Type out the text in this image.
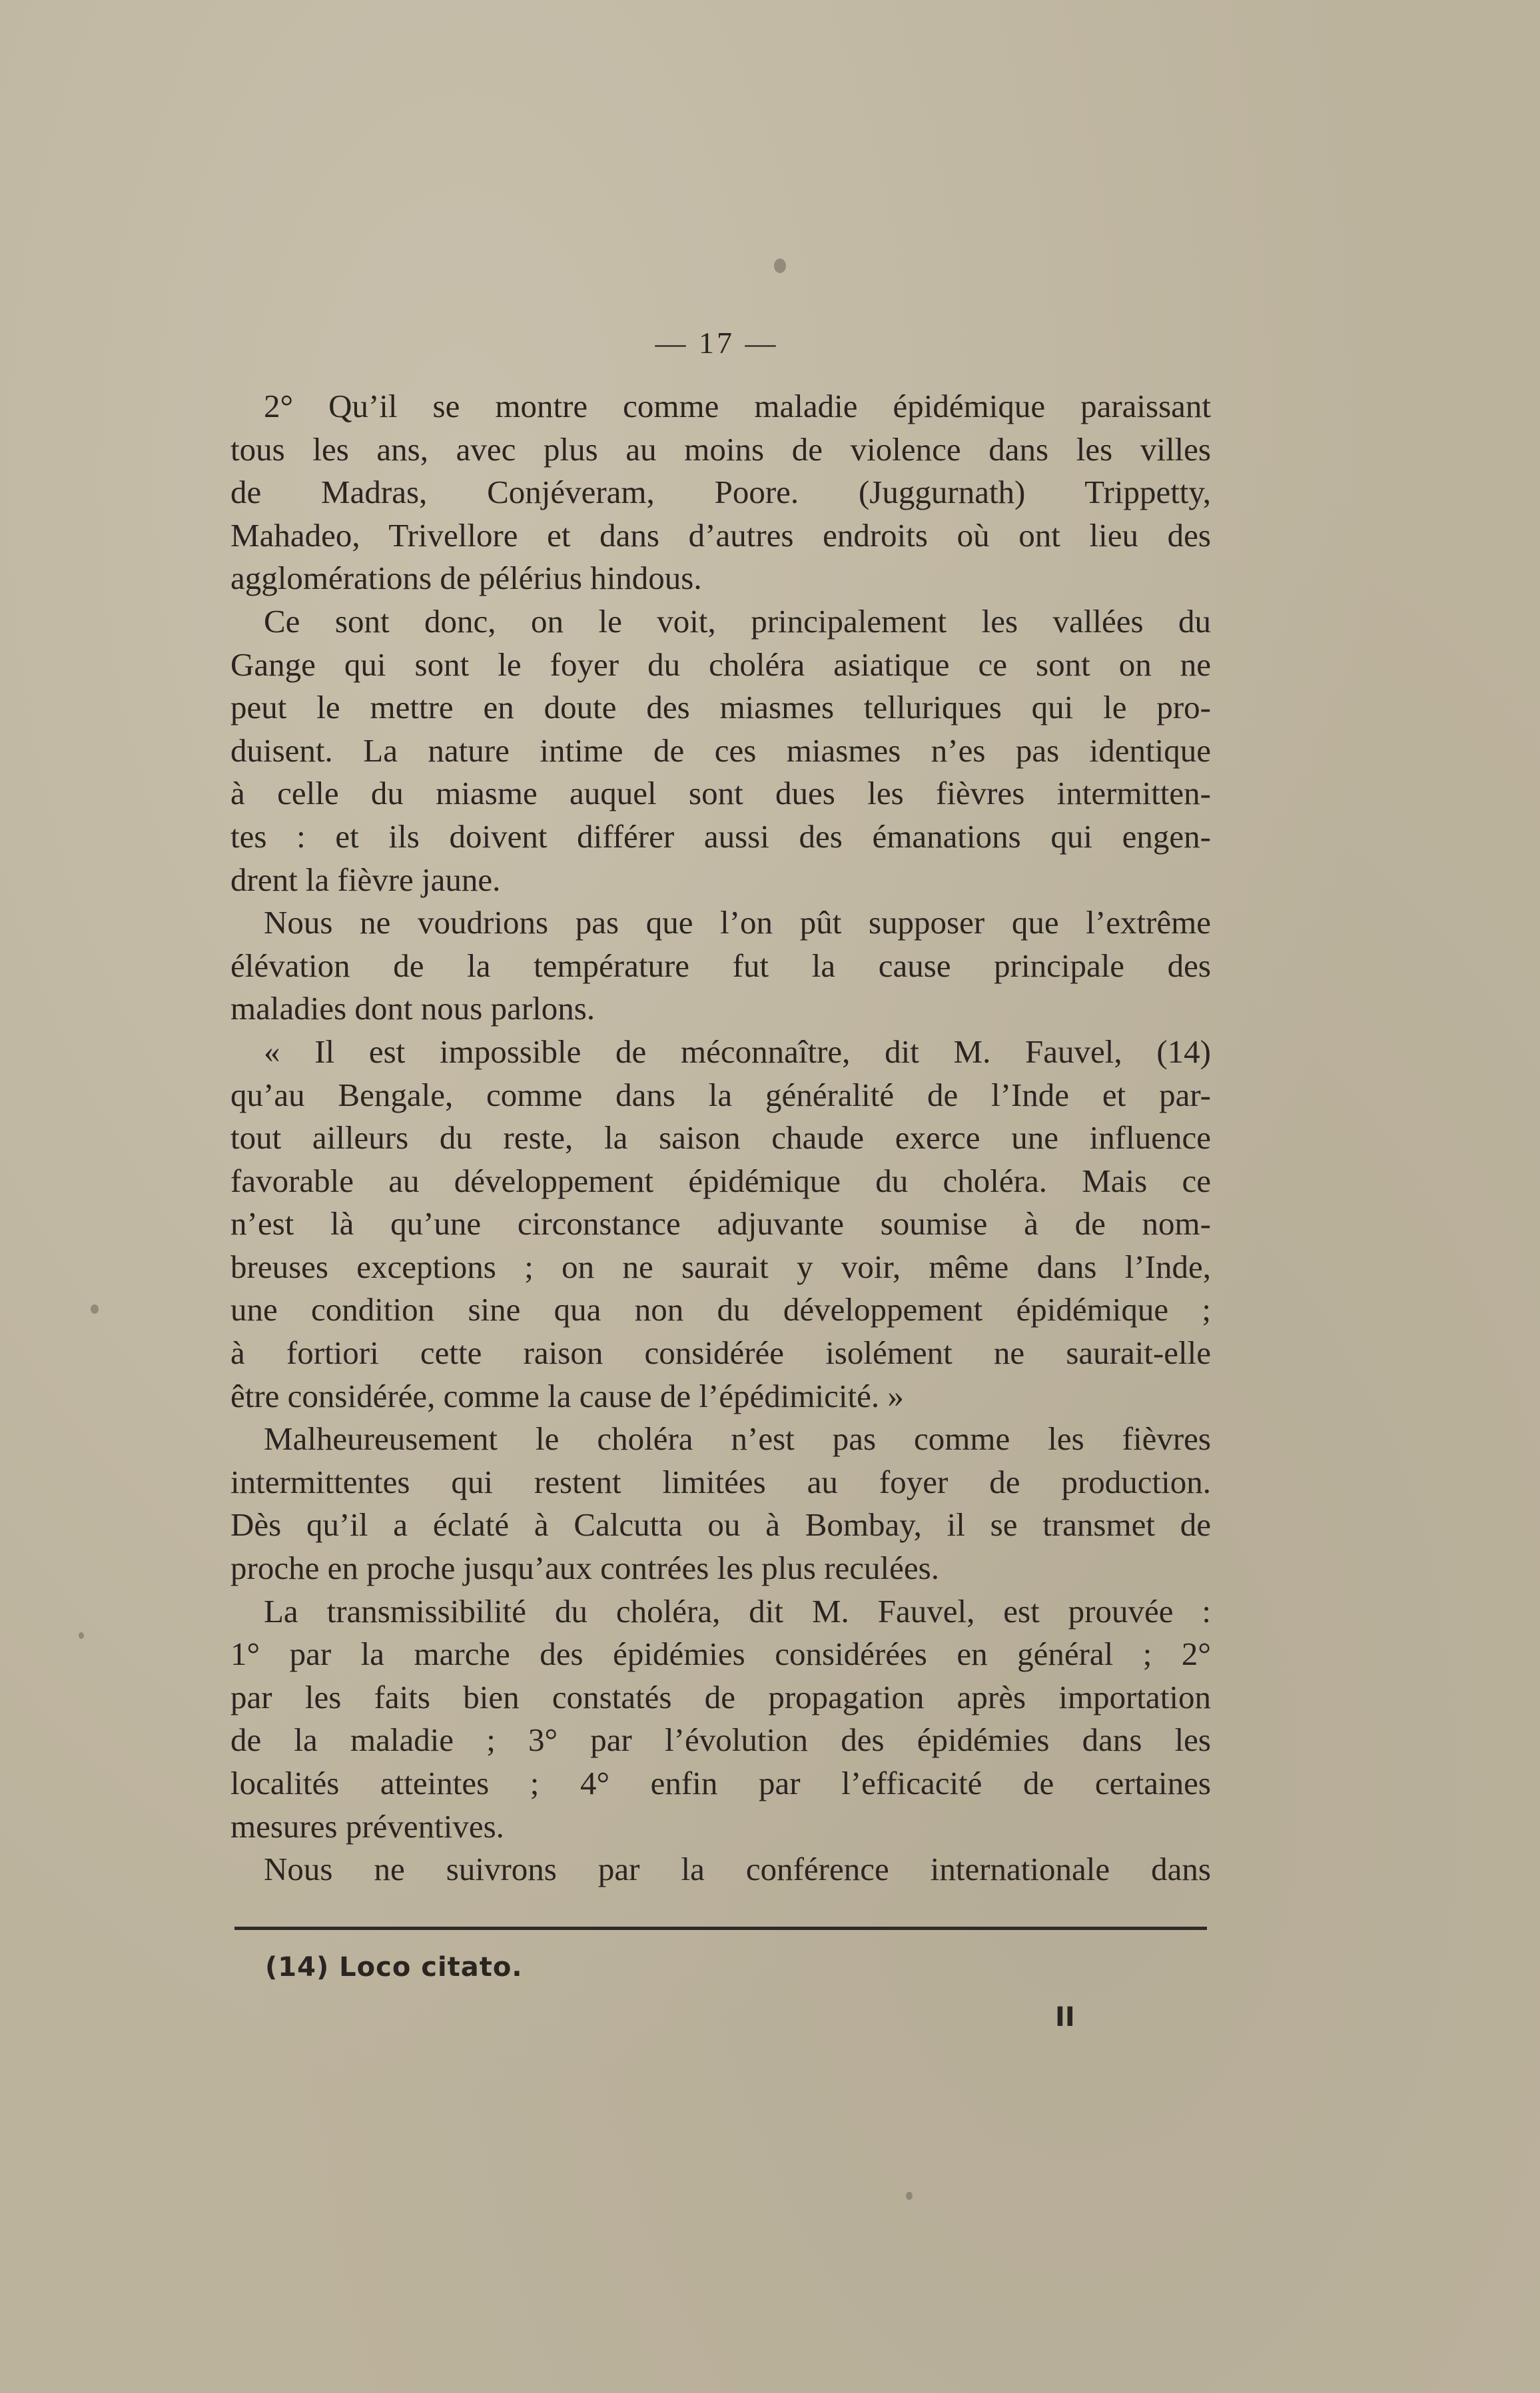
— 17 —
2° Qu’il se montre comme maladie épidémique paraissant
tous les ans, avec plus au moins de violence dans les villes
de Madras, Conjéveram, Poore. (Juggurnath) Trippetty,
Mahadeo, Trivellore et dans d’autres endroits où ont lieu des
agglomérations de pélérius hindous.
Ce sont donc, on le voit, principalement les vallées du
Gange qui sont le foyer du choléra asiatique ce sont on ne
peut le mettre en doute des miasmes telluriques qui le pro-
duisent. La nature intime de ces miasmes n’es pas identique
à celle du miasme auquel sont dues les fièvres intermitten-
tes : et ils doivent différer aussi des émanations qui engen-
drent la fièvre jaune.
Nous ne voudrions pas que l’on pût supposer que l’extrême
élévation de la température fut la cause principale des
maladies dont nous parlons.
« Il est impossible de méconnaître, dit M. Fauvel, (14)
qu’au Bengale, comme dans la généralité de l’Inde et par-
tout ailleurs du reste, la saison chaude exerce une influence
favorable au développement épidémique du choléra. Mais ce
n’est là qu’une circonstance adjuvante soumise à de nom-
breuses exceptions ; on ne saurait y voir, même dans l’Inde,
une condition sine qua non du développement épidémique ;
à fortiori cette raison considérée isolément ne saurait-elle
être considérée, comme la cause de l’épédimicité. »
Malheureusement le choléra n’est pas comme les fièvres
intermittentes qui restent limitées au foyer de production.
Dès qu’il a éclaté à Calcutta ou à Bombay, il se transmet de
proche en proche jusqu’aux contrées les plus reculées.
La transmissibilité du choléra, dit M. Fauvel, est prouvée :
1° par la marche des épidémies considérées en général ; 2°
par les faits bien constatés de propagation après importation
de la maladie ; 3° par l’évolution des épidémies dans les
localités atteintes ; 4° enfin par l’efficacité de certaines
mesures préventives.
Nous ne suivrons par la conférence internationale dans
(14) Loco citato.
II
